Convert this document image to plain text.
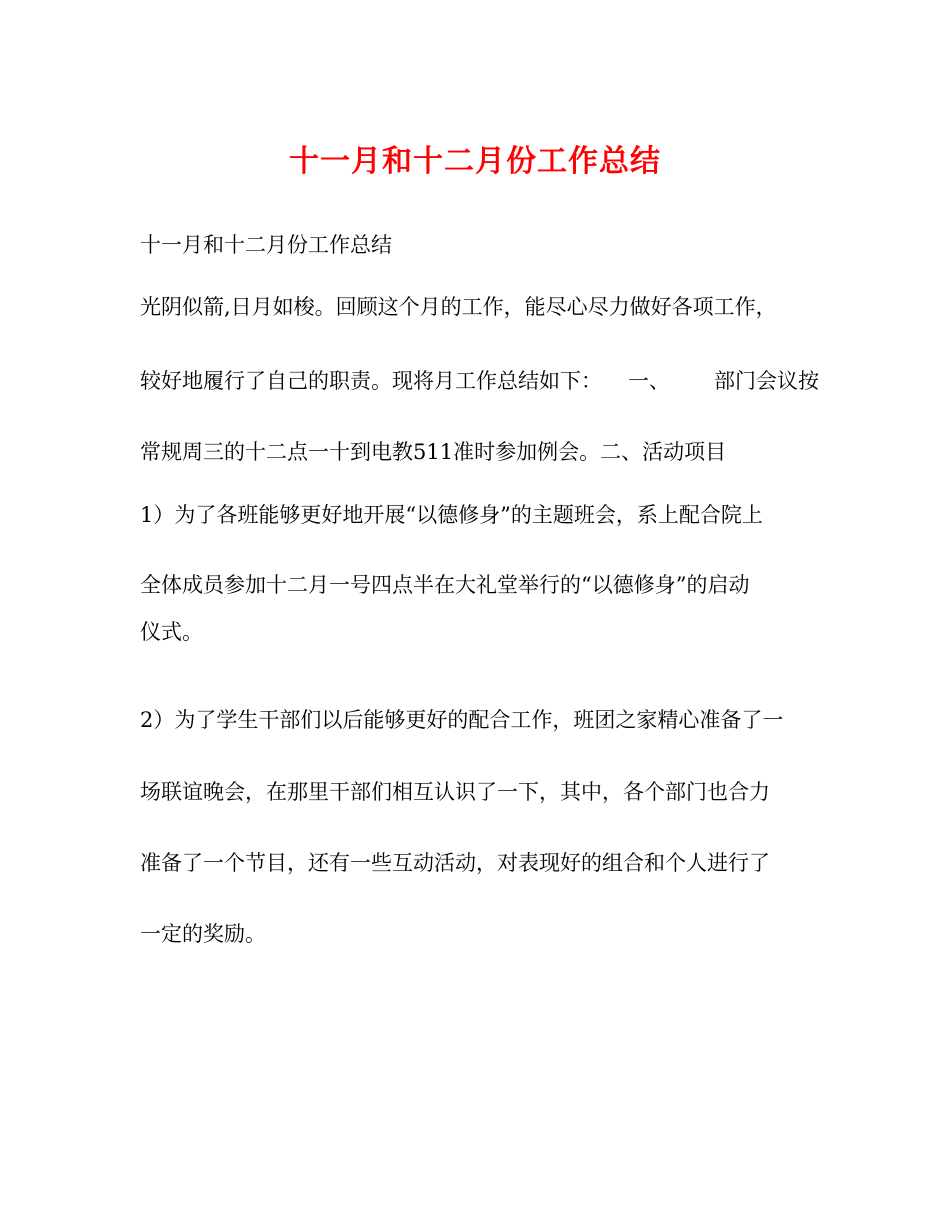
十一月和十二月份工作总结

十一月和十二月份工作总结

光阴似箭,日月如梭。回顾这个月的工作，能尽心尽力做好各项工作，

较好地履行了自己的职责。现将月工作总结如下： 一、 部门会议按

常规周三的十二点一十到电教511准时参加例会。二、活动项目

1）为了各班能够更好地开展“以德修身”的主题班会，系上配合院上

全体成员参加十二月一号四点半在大礼堂举行的“以德修身”的启动

仪式。

2）为了学生干部们以后能够更好的配合工作，班团之家精心准备了一

场联谊晚会，在那里干部们相互认识了一下，其中，各个部门也合力

准备了一个节目，还有一些互动活动，对表现好的组合和个人进行了

一定的奖励。
